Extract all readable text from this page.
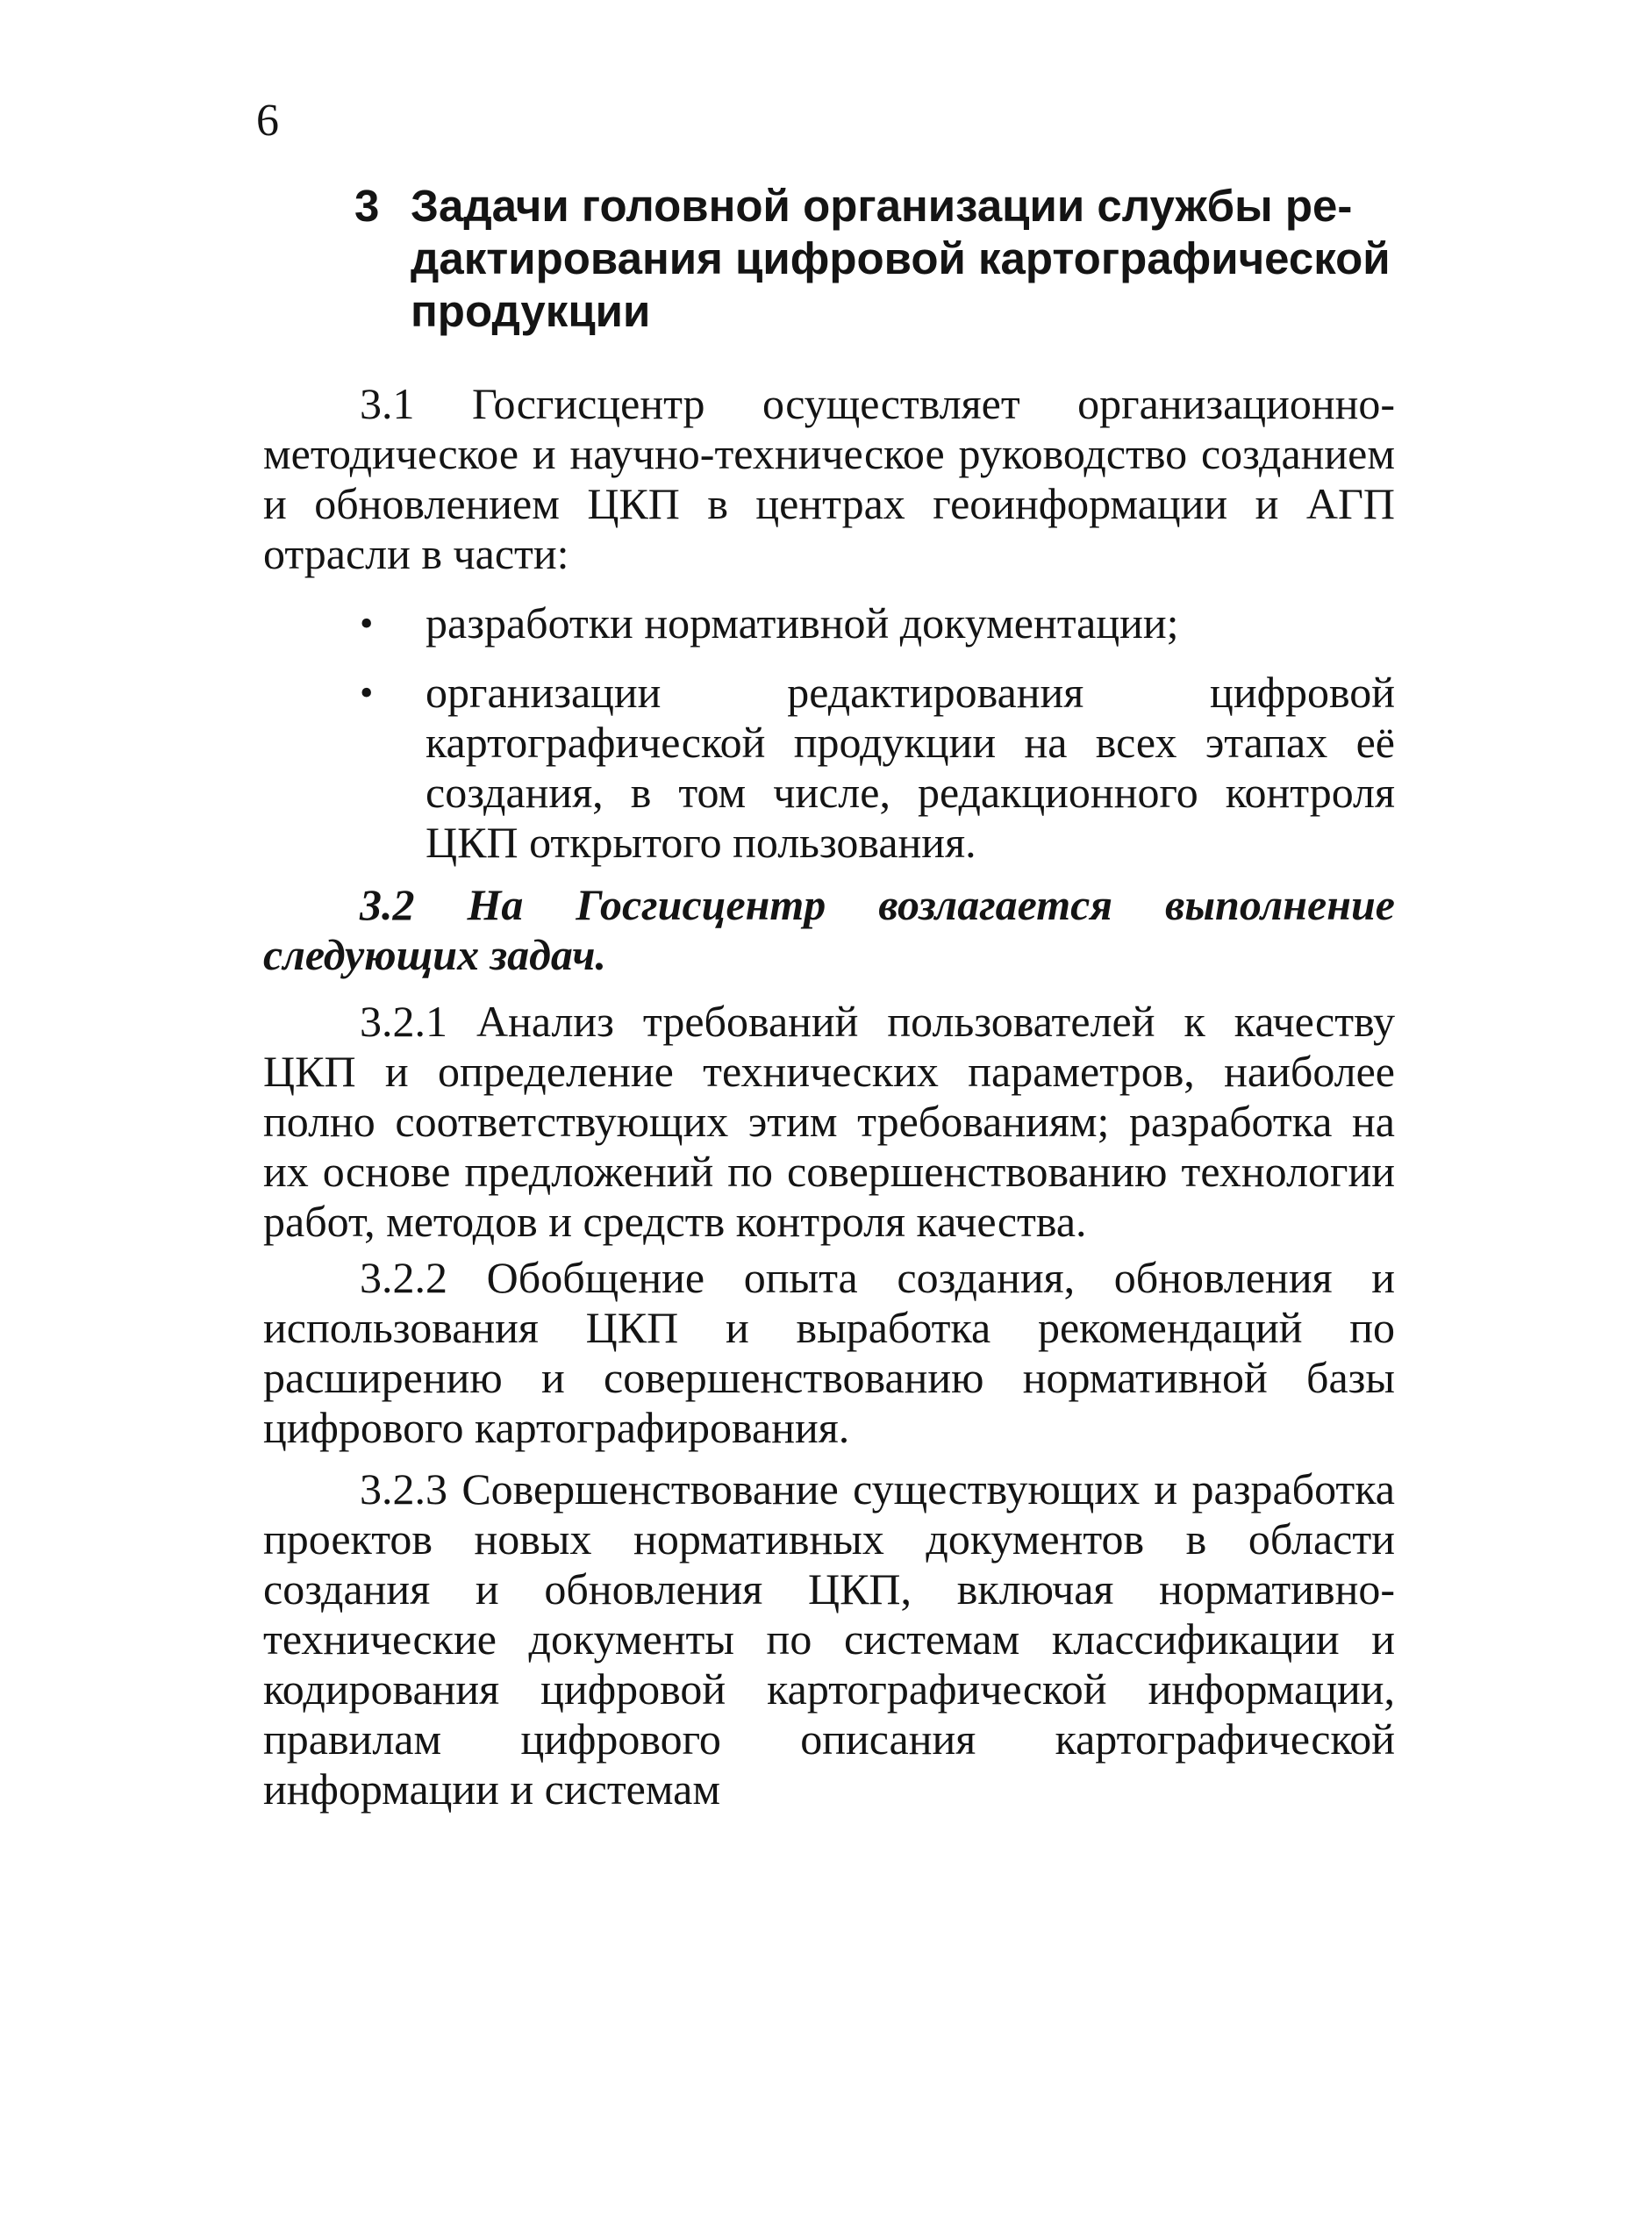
6
3 Задачи головной организации службы ре-
дактирования цифровой картографической
продукции

3.1 Госгисцентр осуществляет организационно-методическое и научно-техническое руководство созданием и обновлением ЦКП в центрах геоинформации и АГП отрасли в части:

• разработки нормативной документации;
• организации редактирования цифровой картографической продукции на всех этапах её создания, в том числе, редакционного контроля ЦКП открытого пользования.

3.2 На Госгисцентр возлагается выполнение следующих задач.

3.2.1 Анализ требований пользователей к качеству ЦКП и определение технических параметров, наиболее полно соответствующих этим требованиям; разработка на их основе предложений по совершенствованию технологии работ, методов и средств контроля качества.

3.2.2 Обобщение опыта создания, обновления и использования ЦКП и выработка рекомендаций по расширению и совершенствованию нормативной базы цифрового картографирования.

3.2.3 Совершенствование существующих и разработка проектов новых нормативных документов в области создания и обновления ЦКП, включая нормативно-технические документы по системам классификации и кодирования цифровой картографической информации, правилам цифрового описания картографической информации и системам
